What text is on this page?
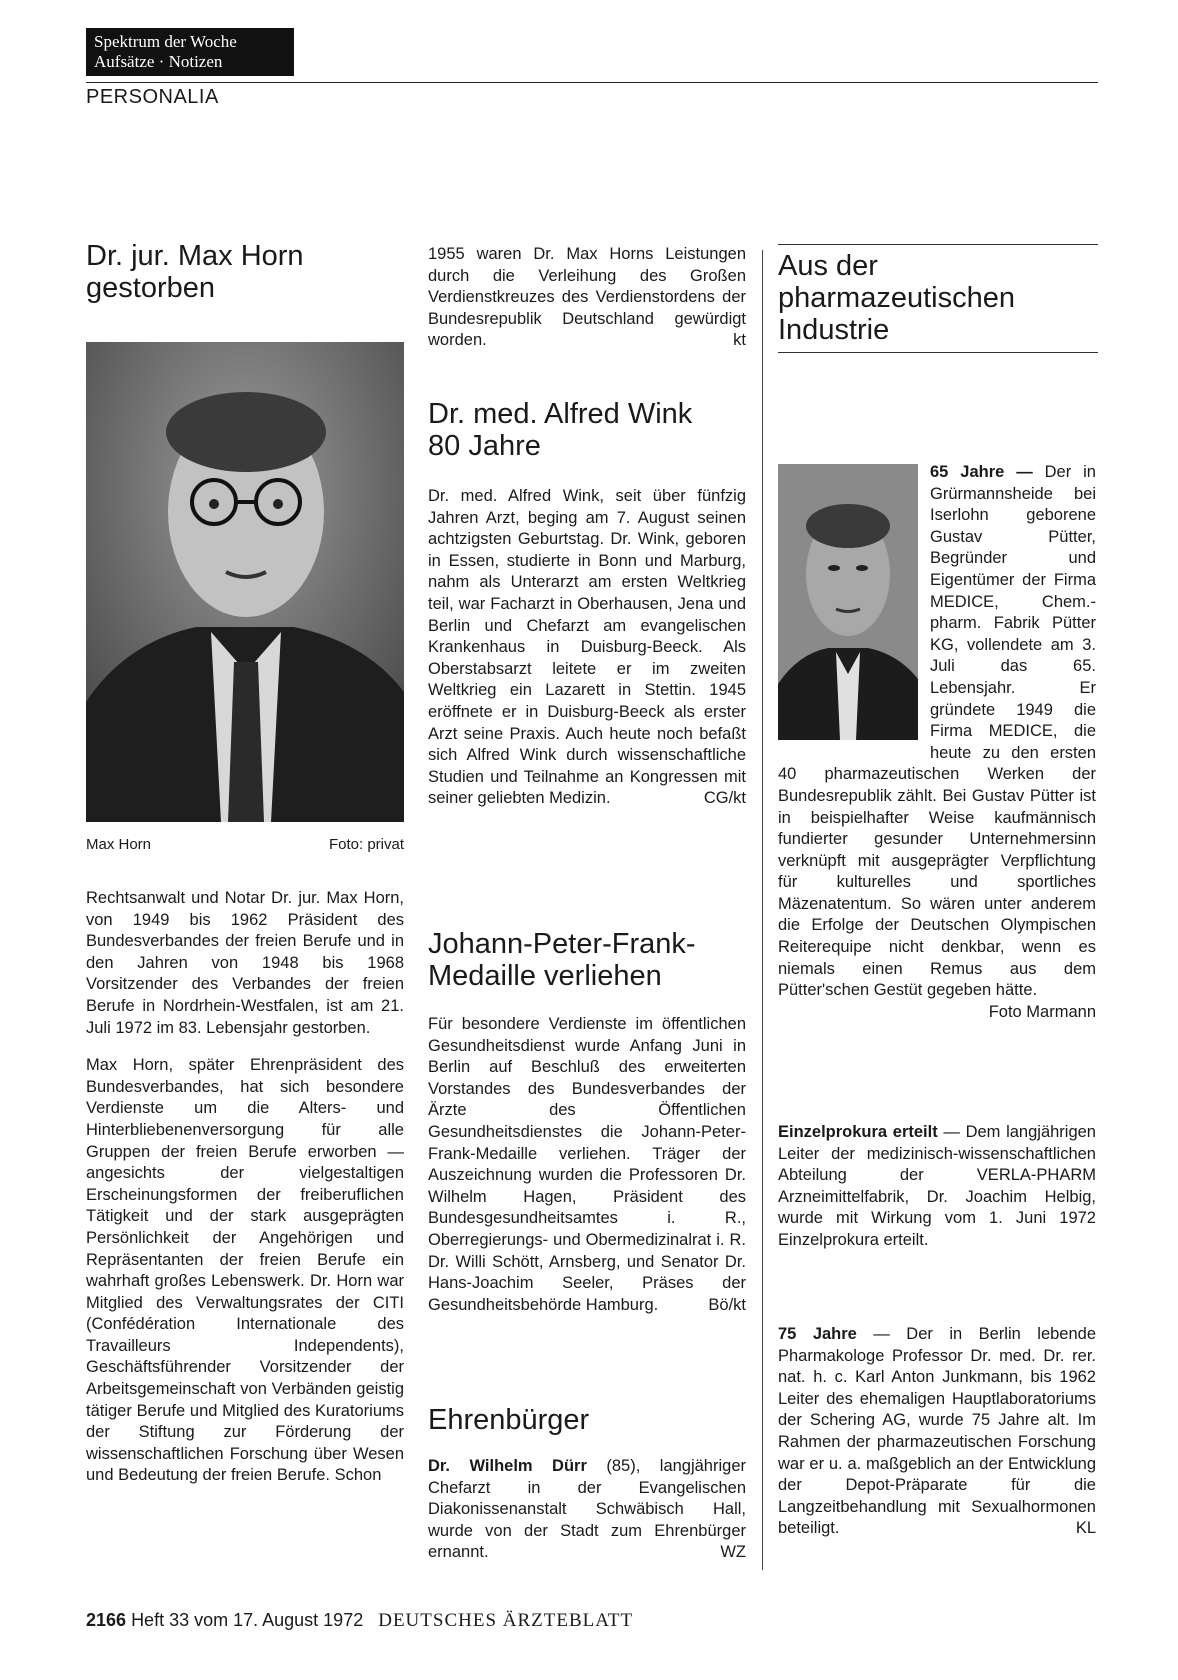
Spektrum der Woche
Aufsätze · Notizen
PERSONALIA
Dr. jur. Max Horn
gestorben
Max Horn	Foto: privat

Rechtsanwalt und Notar Dr. jur. Max Horn, von 1949 bis 1962 Präsident des Bundesverbandes der freien Berufe und in den Jahren von 1948 bis 1968 Vorsitzender des Verbandes der freien Berufe in Nordrhein-Westfalen, ist am 21. Juli 1972 im 83. Lebensjahr gestorben.

Max Horn, später Ehrenpräsident des Bundesverbandes, hat sich besondere Verdienste um die Alters- und Hinterbliebenenversorgung für alle Gruppen der freien Berufe erworben — angesichts der vielgestaltigen Erscheinungsformen der freiberuflichen Tätigkeit und der stark ausgeprägten Persönlichkeit der Angehörigen und Repräsentanten der freien Berufe ein wahrhaft großes Lebenswerk. Dr. Horn war Mitglied des Verwaltungsrates der CITI (Confédération Internationale des Travailleurs Independents), Geschäftsführender Vorsitzender der Arbeitsgemeinschaft von Verbänden geistig tätiger Berufe und Mitglied des Kuratoriums der Stiftung zur Förderung der wissenschaftlichen Forschung über Wesen und Bedeutung der freien Berufe. Schon

1955 waren Dr. Max Horns Leistungen durch die Verleihung des Großen Verdienstkreuzes des Verdienstordens der Bundesrepublik Deutschland gewürdigt worden.	kt

Dr. med. Alfred Wink
80 Jahre

Dr. med. Alfred Wink, seit über fünfzig Jahren Arzt, beging am 7. August seinen achtzigsten Geburtstag. Dr. Wink, geboren in Essen, studierte in Bonn und Marburg, nahm als Unterarzt am ersten Weltkrieg teil, war Facharzt in Oberhausen, Jena und Berlin und Chefarzt am evangelischen Krankenhaus in Duisburg-Beeck. Als Oberstabsarzt leitete er im zweiten Weltkrieg ein Lazarett in Stettin. 1945 eröffnete er in Duisburg-Beeck als erster Arzt seine Praxis. Auch heute noch befaßt sich Alfred Wink durch wissenschaftliche Studien und Teilnahme an Kongressen mit seiner geliebten Medizin.	CG/kt

Johann-Peter-Frank-
Medaille verliehen

Für besondere Verdienste im öffentlichen Gesundheitsdienst wurde Anfang Juni in Berlin auf Beschluß des erweiterten Vorstandes des Bundesverbandes der Ärzte des Öffentlichen Gesundheitsdienstes die Johann-Peter-Frank-Medaille verliehen. Träger der Auszeichnung wurden die Professoren Dr. Wilhelm Hagen, Präsident des Bundesgesundheitsamtes i. R., Oberregierungs- und Obermedizinalrat i. R. Dr. Willi Schött, Arnsberg, und Senator Dr. Hans-Joachim Seeler, Präses der Gesundheitsbehörde Hamburg.	Bö/kt

Ehrenbürger

Dr. Wilhelm Dürr (85), langjähriger Chefarzt in der Evangelischen Diakonissenanstalt Schwäbisch Hall, wurde von der Stadt zum Ehrenbürger ernannt.	WZ

Aus der
pharmazeutischen
Industrie

65 Jahre — Der in Grürmannsheide bei Iserlohn geborene Gustav Pütter, Begründer und Eigentümer der Firma MEDICE, Chem.-pharm. Fabrik Pütter KG, vollendete am 3. Juli das 65. Lebensjahr. Er gründete 1949 die Firma MEDICE, die heute zu den ersten 40 pharmazeutischen Werken der Bundesrepublik zählt. Bei Gustav Pütter ist in beispielhafter Weise kaufmännisch fundierter gesunder Unternehmersinn verknüpft mit ausgeprägter Verpflichtung für kulturelles und sportliches Mäzenatentum. So wären unter anderem die Erfolge der Deutschen Olympischen Reiterequipe nicht denkbar, wenn es niemals einen Remus aus dem Pütter'schen Gestüt gegeben hätte.

Foto Marmann

Einzelprokura erteilt — Dem langjährigen Leiter der medizinisch-wissenschaftlichen Abteilung der VERLA-PHARM Arzneimittelfabrik, Dr. Joachim Helbig, wurde mit Wirkung vom 1. Juni 1972 Einzelprokura erteilt.

75 Jahre — Der in Berlin lebende Pharmakologe Professor Dr. med. Dr. rer. nat. h. c. Karl Anton Junkmann, bis 1962 Leiter des ehemaligen Hauptlaboratoriums der Schering AG, wurde 75 Jahre alt. Im Rahmen der pharmazeutischen Forschung war er u. a. maßgeblich an der Entwicklung der Depot-Präparate für die Langzeitbehandlung mit Sexualhormonen beteiligt.	KL

2166 Heft 33 vom 17. August 1972 DEUTSCHES ÄRZTEBLATT
